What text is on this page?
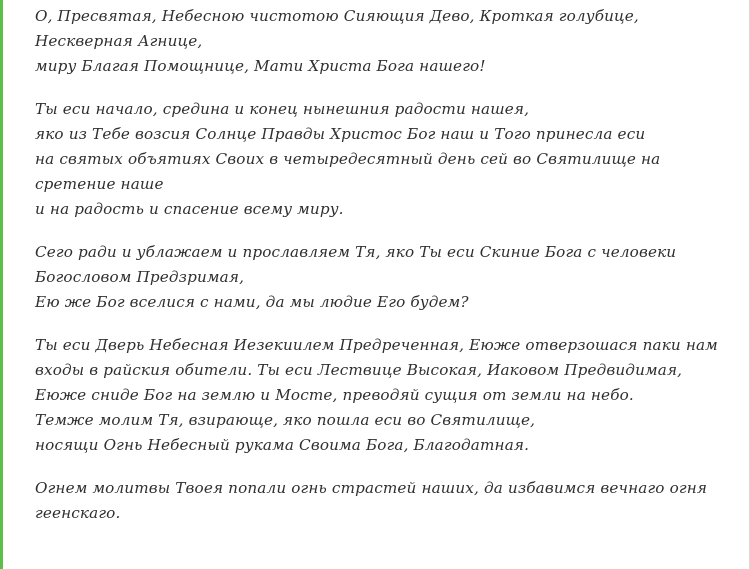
О, Пресвятая, Небесною чистотою Сияющия Дево, Кроткая голубице, Нескверная Агнице,
миру Благая Помощнице, Мати Христа Бога нашего!
Ты еси начало, средина и конец нынешния радости нашея,
яко из Тебе возсия Солнце Правды Христос Бог наш и Того принесла еси
на святых объятиях Своих в четыредесятный день сей во Святилище на сретение наше
и на радость и спасение всему миру.
Сего ради и ублажаем и прославляем Тя, яко Ты еси Скиние Бога с человеки Богословом Предзримая,
Ею же Бог вселися с нами, да мы людие Его будем?
Ты еси Дверь Небесная Иезекиилем Предреченная, Еюже отверзошася паки нам
входы в райския обители. Ты еси Лествице Высокая, Иаковом Предвидимая,
Еюже сниде Бог на землю и Мосте, преводяй сущия от земли на небо.
Темже молим Тя, взирающе, яко пошла еси во Святилище,
носящи Огнь Небесный рукама Своима Бога, Благодатная.
Огнем молитвы Твоея попали огнь страстей наших, да избавимся вечнаго огня геенскаго.
